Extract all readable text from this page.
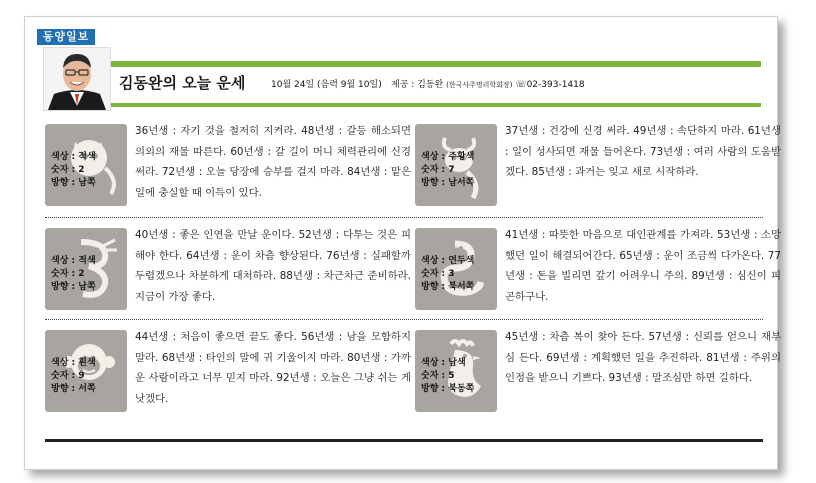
동양일보
김동완의 오늘 운세	10월 24일 (음력 9월 10일) 제공 : 김동완 (한국사주명리학회장) ☏02-393-1418
색상 : 적색
숫자 : 2
방향 : 남쪽
36년생 : 자기 것을 철저히 지켜라. 48년생 : 갈등 해소되면 의외의 재물 따른다. 60년생 : 갈 길이 머니 체력관리에 신경 써라. 72년생 : 오늘 당장에 승부를 걸지 마라. 84년생 : 맡은 일에 충실할 때 이득이 있다.
색상 : 주황색
숫자 : 7
방향 : 남서쪽
37년생 : 건강에 신경 써라. 49년생 : 속단하지 마라. 61년생 : 일이 성사되면 재물 들어온다. 73년생 : 여러 사람의 도움받겠다. 85년생 : 과거는 잊고 새로 시작하라.
색상 : 적색
숫자 : 2
방향 : 남쪽
40년생 : 좋은 인연을 만날 운이다. 52년생 : 다투는 것은 피해야 한다. 64년생 : 운이 차츰 향상된다. 76년생 : 실패할까 두렵겠으나 차분하게 대처하라. 88년생 : 차근차근 준비하라. 지금이 가장 좋다.
색상 : 연두색
숫자 : 3
방향 : 북서쪽
41년생 : 따뜻한 마음으로 대인관계를 가져라. 53년생 : 소망했던 일이 해결되어간다. 65년생 : 운이 조금씩 다가온다. 77년생 : 돈을 빌리면 갚기 어려우니 주의. 89년생 : 심신이 피곤하구나.
색상 : 흰색
숫자 : 9
방향 : 서쪽
44년생 : 처음이 좋으면 끝도 좋다. 56년생 : 남을 모함하지 말라. 68년생 : 타인의 말에 귀 기울이지 마라. 80년생 : 가까운 사람이라고 너무 믿지 마라. 92년생 : 오늘은 그냥 쉬는 게 낫겠다.
색상 : 남색
숫자 : 5
방향 : 북동쪽
45년생 : 차츰 복이 찾아 든다. 57년생 : 신뢰를 얻으니 재부심 든다. 69년생 : 계획했던 일을 추진하라. 81년생 : 주위의 인정을 받으니 기쁘다. 93년생 : 말조심만 하면 길하다.
